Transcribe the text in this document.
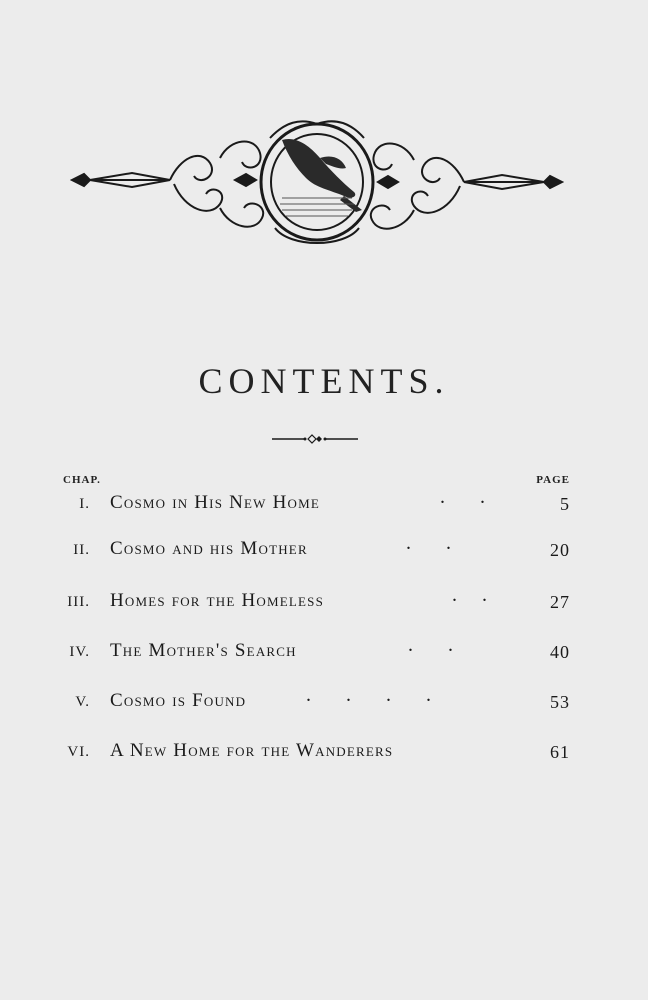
CONTENTS.
CHAP.	PAGE
I. Cosmo in His New Home	.       .	5
II. Cosmo and his Mother	.       .	20
III. Homes for the Homeless	.     .	27
IV. The Mother's Search	.       .	40
V. Cosmo is Found	.       .       .       .	53
VI. A New Home for the Wanderers	61
